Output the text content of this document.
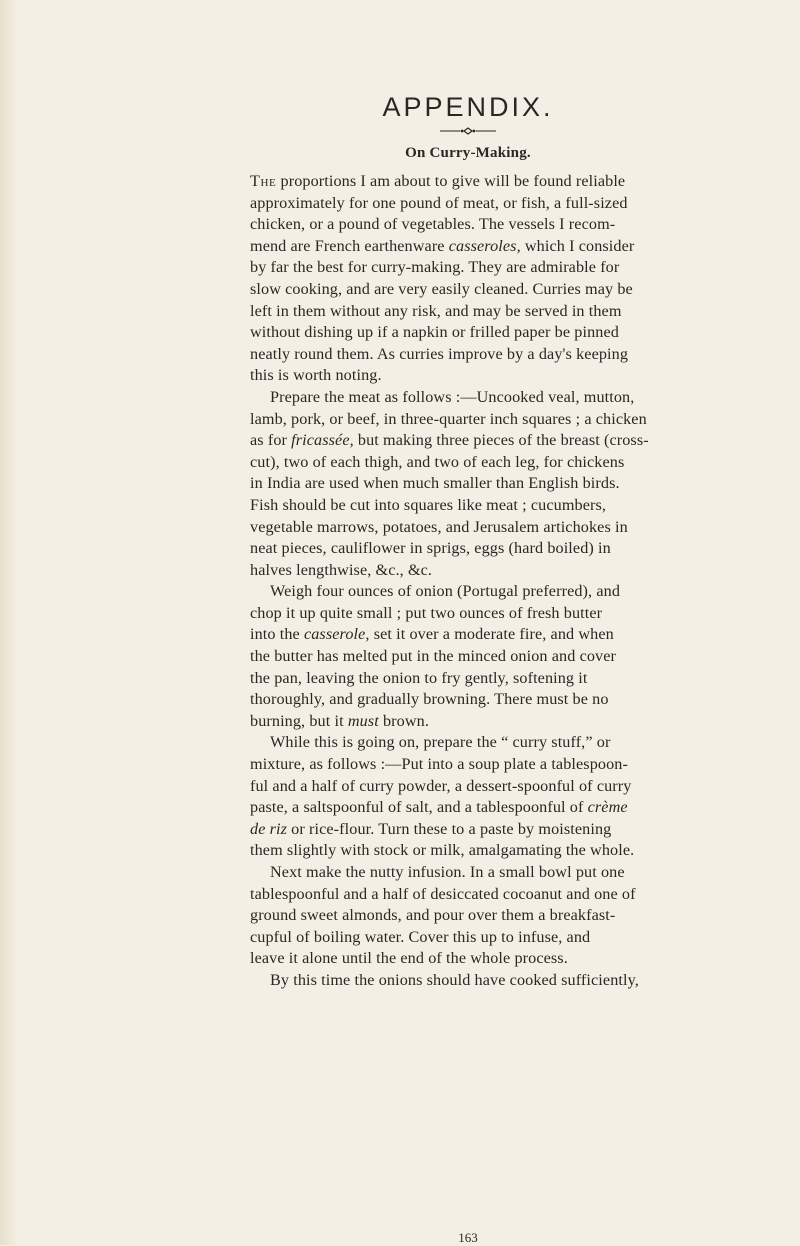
APPENDIX.
On Curry-Making.
The proportions I am about to give will be found reliable
approximately for one pound of meat, or fish, a full-sized
chicken, or a pound of vegetables. The vessels I recom-
mend are French earthenware casseroles, which I consider
by far the best for curry-making. They are admirable for
slow cooking, and are very easily cleaned. Curries may be
left in them without any risk, and may be served in them
without dishing up if a napkin or frilled paper be pinned
neatly round them. As curries improve by a day's keeping
this is worth noting.
Prepare the meat as follows :—Uncooked veal, mutton,
lamb, pork, or beef, in three-quarter inch squares ; a chicken
as for fricassée, but making three pieces of the breast (cross-
cut), two of each thigh, and two of each leg, for chickens
in India are used when much smaller than English birds.
Fish should be cut into squares like meat ; cucumbers,
vegetable marrows, potatoes, and Jerusalem artichokes in
neat pieces, cauliflower in sprigs, eggs (hard boiled) in
halves lengthwise, &c., &c.
Weigh four ounces of onion (Portugal preferred), and
chop it up quite small ; put two ounces of fresh butter
into the casserole, set it over a moderate fire, and when
the butter has melted put in the minced onion and cover
the pan, leaving the onion to fry gently, softening it
thoroughly, and gradually browning. There must be no
burning, but it must brown.
While this is going on, prepare the “ curry stuff,” or
mixture, as follows :—Put into a soup plate a tablespoon-
ful and a half of curry powder, a dessert-spoonful of curry
paste, a saltspoonful of salt, and a tablespoonful of crème
de riz or rice-flour. Turn these to a paste by moistening
them slightly with stock or milk, amalgamating the whole.
Next make the nutty infusion. In a small bowl put one
tablespoonful and a half of desiccated cocoanut and one of
ground sweet almonds, and pour over them a breakfast-
cupful of boiling water. Cover this up to infuse, and
leave it alone until the end of the whole process.
By this time the onions should have cooked sufficiently,
163
